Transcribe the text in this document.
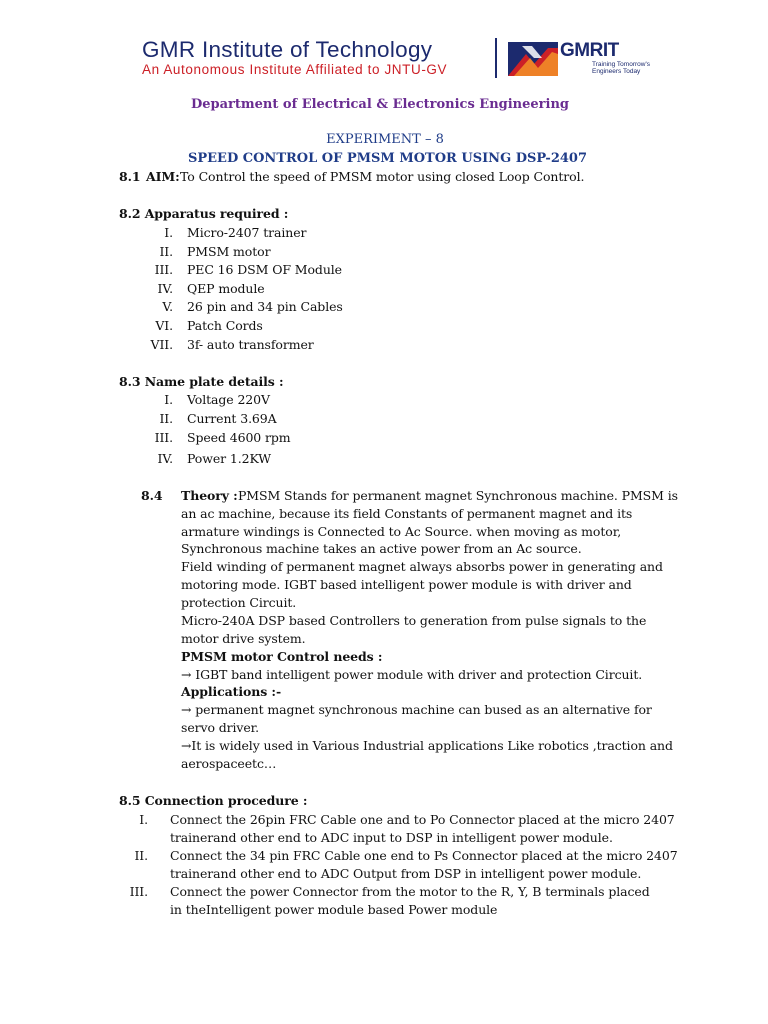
GMR Institute of Technology
An Autonomous Institute Affiliated to JNTU-GV
GMRIT
Training Tomorrow's
Engineers Today
Department of Electrical & Electronics Engineering
EXPERIMENT – 8
SPEED CONTROL OF PMSM MOTOR USING DSP-2407
8.1 AIM: To Control the speed of PMSM motor using closed Loop Control.
8.2 Apparatus required :
I. Micro-2407 trainer
II. PMSM motor
III. PEC 16 DSM OF Module
IV. QEP module
V. 26 pin and 34 pin Cables
VI. Patch Cords
VII. 3f- auto transformer
8.3 Name plate details :
I. Voltage 220V
II. Current 3.69A
III. Speed 4600 rpm
IV. Power 1.2KW
8.4 Theory : PMSM Stands for permanent magnet Synchronous machine. PMSM is
an ac machine, because its field Constants of permanent magnet and its
armature windings is Connected to Ac Source. when moving as motor,
Synchronous machine takes an active power from an Ac source.
Field winding of permanent magnet always absorbs power in generating and
motoring mode. IGBT based intelligent power module is with driver and
protection Circuit.
Micro-240A DSP based Controllers to generation from pulse signals to the
motor drive system.
PMSM motor Control needs :
→ IGBT band intelligent power module with driver and protection Circuit.
Applications :-
→ permanent magnet synchronous machine can bused as an alternative for
servo driver.
→It is widely used in Various Industrial applications Like robotics ,traction and
aerospaceetc…
8.5 Connection procedure :
I. Connect the 26pin FRC Cable one and to Po Connector placed at the micro 2407
trainerand other end to ADC input to DSP in intelligent power module.
II. Connect the 34 pin FRC Cable one end to Ps Connector placed at the micro 2407
trainerand other end to ADC Output from DSP in intelligent power module.
III. Connect the power Connector from the motor to the R, Y, B terminals placed
in theIntelligent power module based Power module
